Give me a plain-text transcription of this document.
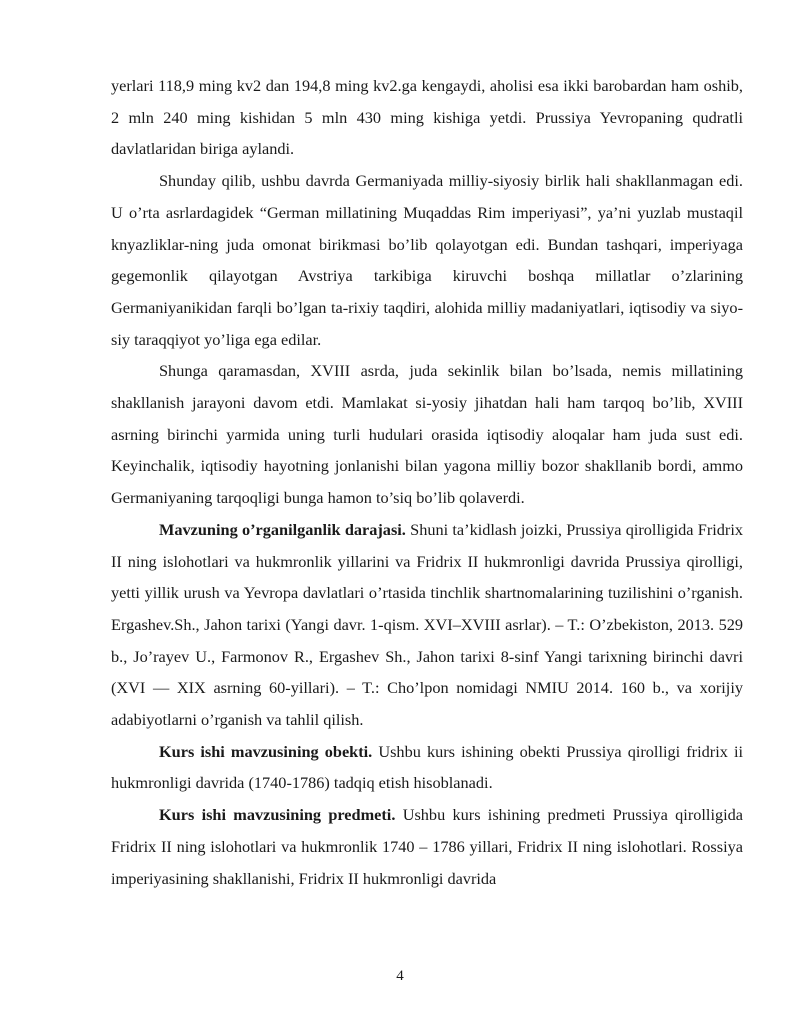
yerlari 118,9 ming kv2 dan 194,8 ming kv2.ga kengaydi, aholisi esa ikki barobardan ham oshib, 2 mln 240 ming kishidan 5 mln 430 ming kishiga yetdi. Prussiya Yevropaning qudratli davlatlaridan biriga aylandi.

Shunday qilib, ushbu davrda Germaniyada milliy-siyosiy birlik hali shakllanmagan edi. U o’rta asrlardagidek “German millatining Muqaddas Rim imperiyasi”, ya’ni yuzlab mustaqil knyazliklar-ning juda omonat birikmasi bo’lib qolayotgan edi. Bundan tashqari, imperiyaga gegemonlik qilayotgan Avstriya tarkibiga kiruvchi boshqa millatlar o’zlarining Germaniyanikidan farqli bo’lgan ta-rixiy taqdiri, alohida milliy madaniyatlari, iqtisodiy va siyo-siy taraqqiyot yo’liga ega edilar.

Shunga qaramasdan, XVIII asrda, juda sekinlik bilan bo’lsada, nemis millatining shakllanish jarayoni davom etdi. Mamlakat si-yosiy jihatdan hali ham tarqoq bo’lib, XVIII asrning birinchi yarmida uning turli hudulari orasida iqtisodiy aloqalar ham juda sust edi. Keyinchalik, iqtisodiy hayotning jonlanishi bilan yagona milliy bozor shakllanib bordi, ammo Germaniyaning tarqoqligi bunga hamon to’siq bo’lib qolaverdi.

Mavzuning o’rganilganlik darajasi. Shuni ta’kidlash joizki, Prussiya qirolligida Fridrix II ning islohotlari va hukmronlik yillarini va Fridrix II hukmronligi davrida Prussiya qirolligi, yetti yillik urush va Yevropa davlatlari o’rtasida tinchlik shartnomalarining tuzilishini o’rganish. Ergashev.Sh., Jahon tarixi (Yangi davr. 1-qism. XVI–XVIII asrlar). – T.: O’zbekiston, 2013. 529 b., Jo’rayev U., Farmonov R., Ergashev Sh., Jahon tarixi 8-sinf Yangi tarixning birinchi davri (XVI — XIX asrning 60-yillari). – T.: Cho’lpon nomidagi NMIU 2014. 160 b., va xorijiy adabiyotlarni o’rganish va tahlil qilish.

Kurs ishi mavzusining obekti. Ushbu kurs ishining obekti Prussiya qirolligi fridrix ii hukmronligi davrida (1740-1786) tadqiq etish hisoblanadi.

Kurs ishi mavzusining predmeti. Ushbu kurs ishining predmeti Prussiya qirolligida Fridrix II ning islohotlari va hukmronlik 1740 – 1786 yillari, Fridrix II ning islohotlari. Rossiya imperiyasining shakllanishi, Fridrix II hukmronligi davrida

4
